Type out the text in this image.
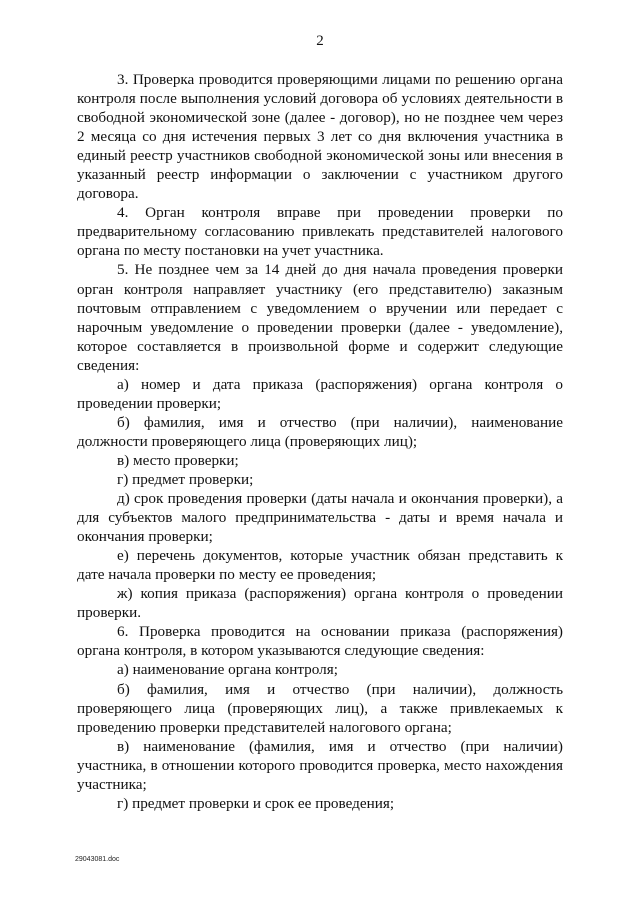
2

3. Проверка проводится проверяющими лицами по решению органа контроля после выполнения условий договора об условиях деятельности в свободной экономической зоне (далее - договор), но не позднее чем через 2 месяца со дня истечения первых 3 лет со дня включения участника в единый реестр участников свободной экономической зоны или внесения в указанный реестр информации о заключении с участником другого договора.

4. Орган контроля вправе при проведении проверки по предварительному согласованию привлекать представителей налогового органа по месту постановки на учет участника.

5. Не позднее чем за 14 дней до дня начала проведения проверки орган контроля направляет участнику (его представителю) заказным почтовым отправлением с уведомлением о вручении или передает с нарочным уведомление о проведении проверки (далее - уведомление), которое составляется в произвольной форме и содержит следующие сведения:

а) номер и дата приказа (распоряжения) органа контроля о проведении проверки;

б) фамилия, имя и отчество (при наличии), наименование должности проверяющего лица (проверяющих лиц);

в) место проверки;

г) предмет проверки;

д) срок проведения проверки (даты начала и окончания проверки), а для субъектов малого предпринимательства - даты и время начала и окончания проверки;

е) перечень документов, которые участник обязан представить к дате начала проверки по месту ее проведения;

ж) копия приказа (распоряжения) органа контроля о проведении проверки.

6. Проверка проводится на основании приказа (распоряжения) органа контроля, в котором указываются следующие сведения:

а) наименование органа контроля;

б) фамилия, имя и отчество (при наличии), должность проверяющего лица (проверяющих лиц), а также привлекаемых к проведению проверки представителей налогового органа;

в) наименование (фамилия, имя и отчество (при наличии) участника, в отношении которого проводится проверка, место нахождения участника;

г) предмет проверки и срок ее проведения;

29043081.doc
